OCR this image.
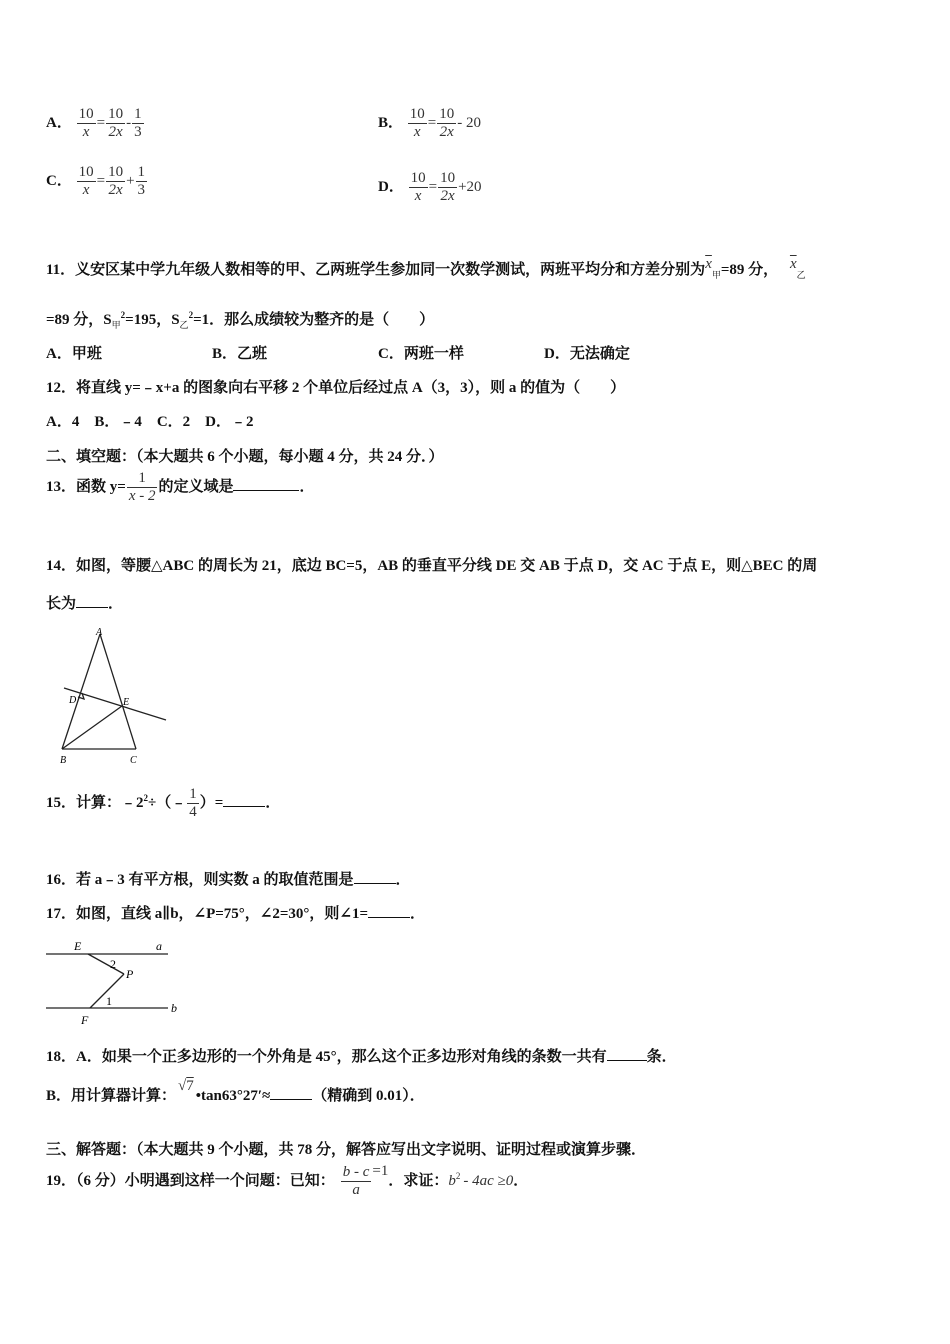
A． $\frac{10}{x} = \frac{10}{2x} - \frac{1}{3}$	B． $\frac{10}{x} = \frac{10}{2x} - 20$
C． $\frac{10}{x} = \frac{10}{2x} + \frac{1}{3}$	D． $\frac{10}{x} = \frac{10}{2x} +20$
11．义安区某中学九年级人数相等的甲、乙两班学生参加同一次数学测试，两班平均分和方差分别为$\overline{x}_甲=89$ 分， $\overline{x}_乙$
=89 分，$S_甲^2=195$，$S_乙^2=1$．那么成绩较为整齐的是（　　）
A．甲班	B．乙班	C．两班一样	D．无法确定
12．将直线 y=﹣x+a 的图象向右平移 2 个单位后经过点 A（3，3），则 a 的值为（　　）
A．4　B．﹣4　C．2　D．﹣2
二、填空题：（本大题共 6 个小题，每小题 4 分，共 24 分．）
13．函数 $y= \frac{1}{x - 2}$ 的定义域是	．
14．如图，等腰△ABC 的周长为 21，底边 BC=5，AB 的垂直平分线 DE 交 AB 于点 D，交 AC 于点 E，则△BEC 的周
长为 ．
A
D	E
B	C
15．计算：$﹣2^2\div(﹣ \frac{1}{4}$ ）=	．
16．若 a﹣3 有平方根，则实数 a 的取值范围是	．
17．如图，直线 a∥b，∠P=75°，∠2=30°，则∠1=	．
E	a
2
P
1	b
F
18．A．如果一个正多边形的一个外角是 45°，那么这个正多边形对角线的条数一共有	条．
B．用计算器计算：√7•tan63°27′≈	（精确到 0.01）．
三、解答题：（本大题共 9 个小题，共 78 分，解答应写出文字说明、证明过程或演算步骤．
19．（6 分）小明遇到这样一个问题：已知： $\frac{b - c}{a} =1$．求证：$b^2 - 4ac \ge 0$．
